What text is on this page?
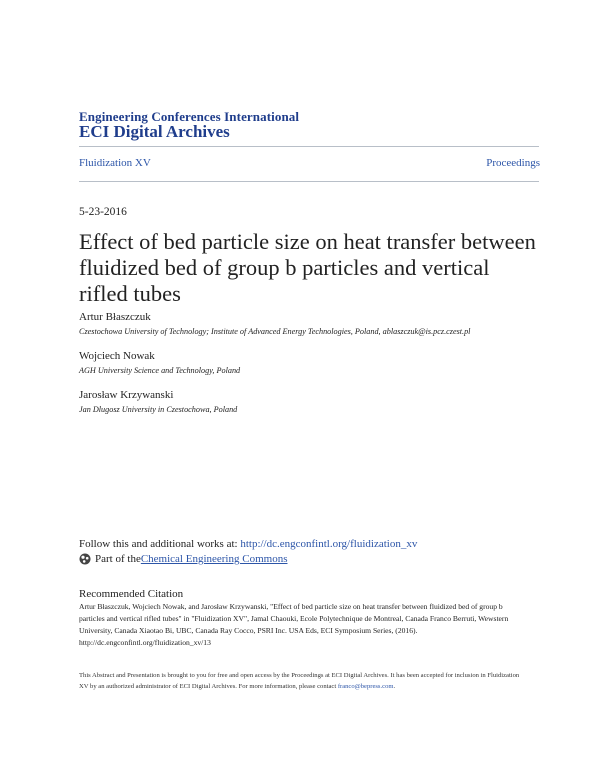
Engineering Conferences International
ECI Digital Archives
Fluidization XV	Proceedings
5-23-2016
Effect of bed particle size on heat transfer between fluidized bed of group b particles and vertical rifled tubes
Artur Błaszczuk
Czestochowa University of Technology; Institute of Advanced Energy Technologies, Poland, ablaszczuk@is.pcz.czest.pl
Wojciech Nowak
AGH University Science and Technology, Poland
Jarosław Krzywanski
Jan Dlugosz University in Czestochowa, Poland
Follow this and additional works at: http://dc.engconfintl.org/fluidization_xv
Part of the Chemical Engineering Commons
Recommended Citation
Artur Błaszczuk, Wojciech Nowak, and Jarosław Krzywanski, "Effect of bed particle size on heat transfer between fluidized bed of group b particles and vertical rifled tubes" in "Fluidization XV", Jamal Chaouki, Ecole Polytechnique de Montreal, Canada Franco Berruti, Wewstern University, Canada Xiaotao Bi, UBC, Canada Ray Cocco, PSRI Inc. USA Eds, ECI Symposium Series, (2016). http://dc.engconfintl.org/fluidization_xv/13
This Abstract and Presentation is brought to you for free and open access by the Proceedings at ECI Digital Archives. It has been accepted for inclusion in Fluidization XV by an authorized administrator of ECI Digital Archives. For more information, please contact franco@bepress.com.
